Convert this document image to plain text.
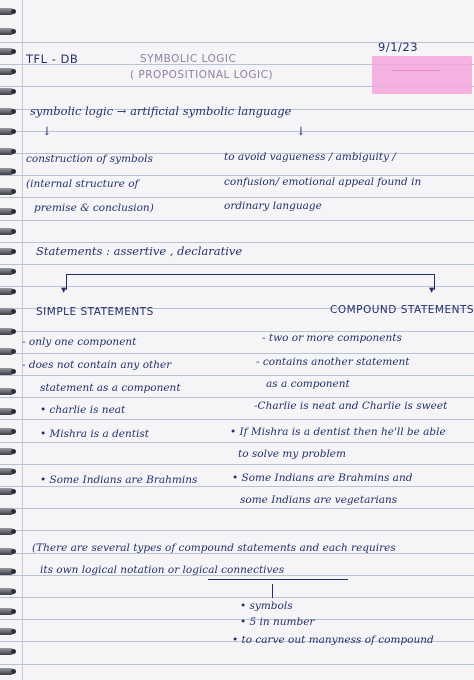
TFL - DB	SYMBOLIC LOGIC
( PROPOSITIONAL LOGIC)
9/1/23
symbolic logic → artificial symbolic language
↓	↓
construction of symbols
(internal structure of
premise & conclusion)
to avoid vagueness / ambiguity /
confusion/ emotional appeal found in
ordinary language
Statements : assertive , declarative
▾	▾
SIMPLE STATEMENTS	COMPOUND STATEMENTS
- only one component
- does not contain any other
statement as a component
• charlie is neat
• Mishra is a dentist
• Some Indians are Brahmins
- two or more components
- contains another statement
as a component
-Charlie is neat and Charlie is sweet
• If Mishra is a dentist then he'll be able
to solve my problem
• Some Indians are Brahmins and
some Indians are vegetarians
(There are several types of compound statements and each requires
its own logical notation or logical connectives
• symbols
• 5 in number
• to carve out manyness of compound
